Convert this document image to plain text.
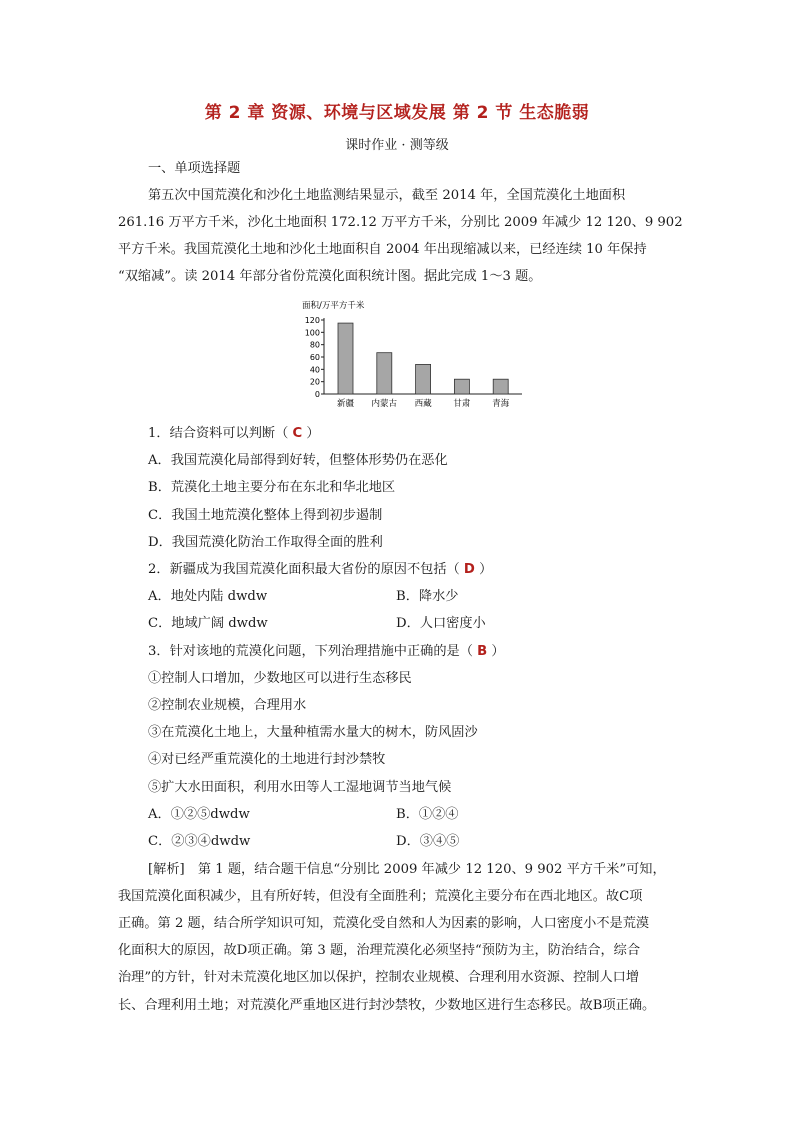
第 2 章 资源、环境与区域发展 第 2 节 生态脆弱
课时作业 · 测等级
一、单项选择题
第五次中国荒漠化和沙化土地监测结果显示，截至 2014 年，全国荒漠化土地面积
261.16 万平方千米，沙化土地面积 172.12 万平方千米，分别比 2009 年减少 12 120、9 902
平方千米。我国荒漠化土地和沙化土地面积自 2004 年出现缩减以来，已经连续 10 年保持
“双缩减”。读 2014 年部分省份荒漠化面积统计图。据此完成 1～3 题。
面积/万平方千米
0
20
40
60
80
100
120
新疆 内蒙古 西藏	甘肃	青海
1．结合资料可以判断（ C ）
A．我国荒漠化局部得到好转，但整体形势仍在恶化
B．荒漠化土地主要分布在东北和华北地区
C．我国土地荒漠化整体上得到初步遏制
D．我国荒漠化防治工作取得全面的胜利
2．新疆成为我国荒漠化面积最大省份的原因不包括（ D ）
A．地处内陆 dwdw	B．降水少
C．地域广阔 dwdw	D．人口密度小
3．针对该地的荒漠化问题，下列治理措施中正确的是（ B ）
①控制人口增加，少数地区可以进行生态移民
②控制农业规模，合理用水
③在荒漠化土地上，大量种植需水量大的树木，防风固沙
④对已经严重荒漠化的土地进行封沙禁牧
⑤扩大水田面积，利用水田等人工湿地调节当地气候
A．①②⑤dwdw	B．①②④
C．②③④dwdw	D．③④⑤
[解析]　第 1 题，结合题干信息“分别比 2009 年减少 12 120、9 902 平方千米”可知，
我国荒漠化面积减少，且有所好转，但没有全面胜利；荒漠化主要分布在西北地区。故C项
正确。第 2 题，结合所学知识可知，荒漠化受自然和人为因素的影响，人口密度小不是荒漠
化面积大的原因，故D项正确。第 3 题，治理荒漠化必须坚持“预防为主，防治结合，综合
治理”的方针，针对未荒漠化地区加以保护，控制农业规模、合理利用水资源、控制人口增
长、合理利用土地；对荒漠化严重地区进行封沙禁牧，少数地区进行生态移民。故B项正确。
